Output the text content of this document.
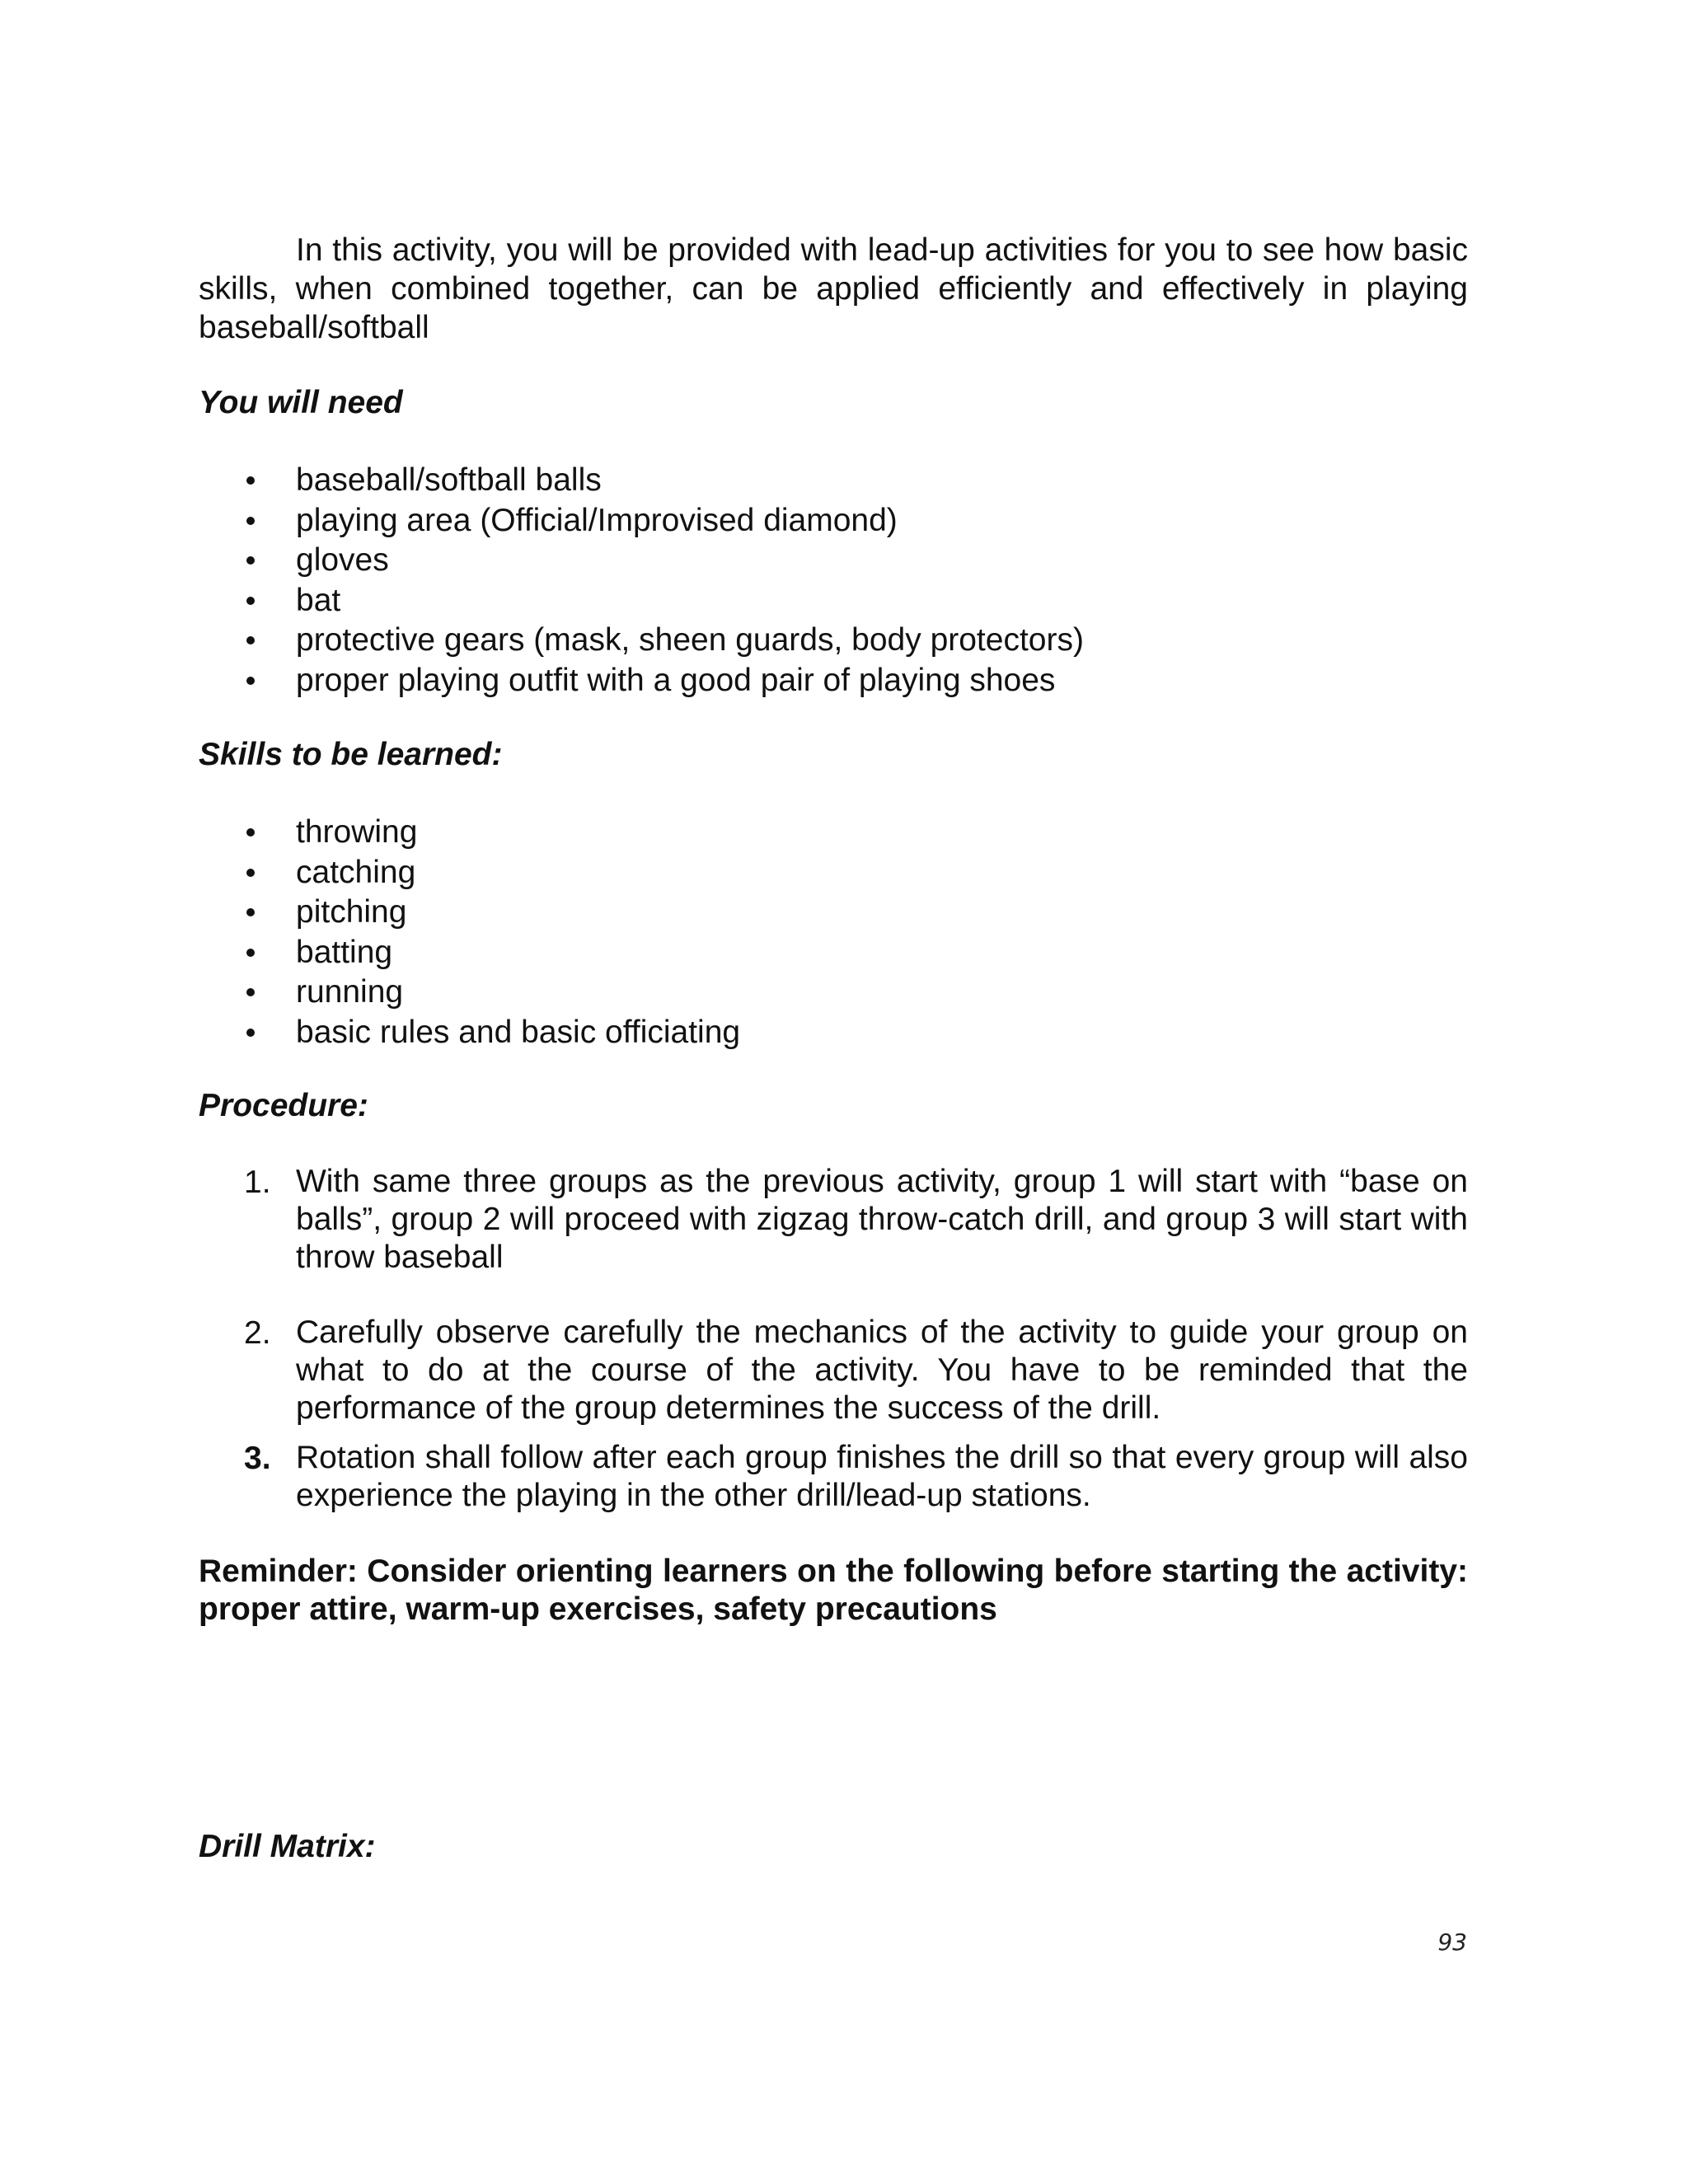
In this activity, you will be provided with lead-up activities for you to see how basic skills, when combined together, can be applied efficiently and effectively in playing baseball/softball

You will need
baseball/softball balls
playing area (Official/Improvised diamond)
gloves
bat
protective gears (mask, sheen guards, body protectors)
proper playing outfit with a good pair of playing shoes
Skills to be learned:
throwing
catching
pitching
batting
running
basic rules and basic officiating
Procedure:
1. With same three groups as the previous activity, group 1 will start with “base on balls”, group 2 will proceed with zigzag throw-catch drill, and group 3 will start with throw baseball
2. Carefully observe carefully the mechanics of the activity to guide your group on what to do at the course of the activity. You have to be reminded that the performance of the group determines the success of the drill.
3. Rotation shall follow after each group finishes the drill so that every group will also experience the playing in the other drill/lead-up stations.
Reminder: Consider orienting learners on the following before starting the activity: proper attire, warm-up exercises, safety precautions
Drill Matrix:
93
